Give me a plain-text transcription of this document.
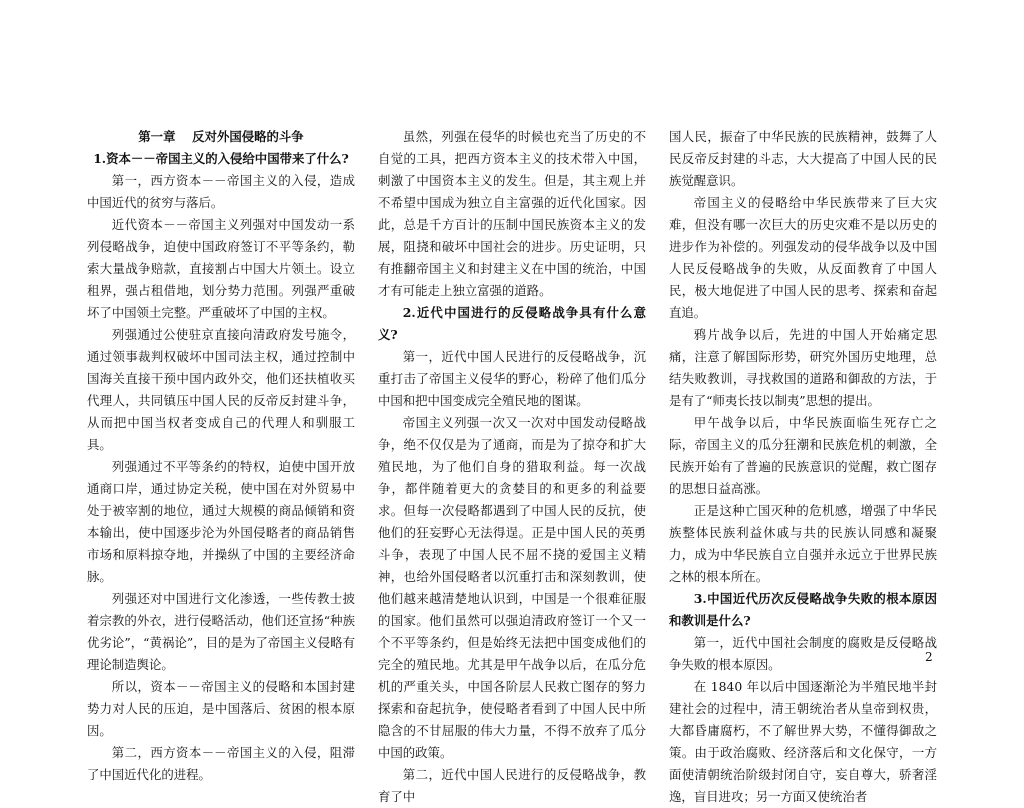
第一章　 反对外国侵略的斗争

1.资本－－帝国主义的入侵给中国带来了什么?

第一，西方资本－－帝国主义的入侵，造成中国近代的贫穷与落后。

近代资本－－帝国主义列强对中国发动一系列侵略战争，迫使中国政府签订不平等条约，勒索大量战争赔款，直接割占中国大片领土。设立租界，强占租借地，划分势力范围。列强严重破坏了中国领土完整。严重破坏了中国的主权。

列强通过公使驻京直接向清政府发号施令，通过领事裁判权破坏中国司法主权，通过控制中国海关直接干预中国内政外交，他们还扶植收买代理人，共同镇压中国人民的反帝反封建斗争，从而把中国当权者变成自己的代理人和驯服工具。

列强通过不平等条约的特权，迫使中国开放通商口岸，通过协定关税，使中国在对外贸易中处于被宰割的地位，通过大规模的商品倾销和资本输出，使中国逐步沦为外国侵略者的商品销售市场和原料掠夺地，并操纵了中国的主要经济命脉。

列强还对中国进行文化渗透，一些传教士披着宗教的外衣，进行侵略活动，他们还宣扬“种族优劣论”，“黄祸论”，目的是为了帝国主义侵略有理论制造舆论。

所以，资本－－帝国主义的侵略和本国封建势力对人民的压迫，是中国落后、贫困的根本原因。

第二，西方资本－－帝国主义的入侵，阻滞了中国近代化的进程。

虽然，列强在侵华的时候也充当了历史的不自觉的工具，把西方资本主义的技术带入中国，刺激了中国资本主义的发生。但是，其主观上并不希望中国成为独立自主富强的近代化国家。因此，总是千方百计的压制中国民族资本主义的发展，阻挠和破坏中国社会的进步。历史证明，只有推翻帝国主义和封建主义在中国的统治，中国才有可能走上独立富强的道路。

2.近代中国进行的反侵略战争具有什么意义?

第一，近代中国人民进行的反侵略战争，沉重打击了帝国主义侵华的野心，粉碎了他们瓜分中国和把中国变成完全殖民地的图谋。

帝国主义列强一次又一次对中国发动侵略战争，绝不仅仅是为了通商，而是为了掠夺和扩大殖民地，为了他们自身的猎取利益。每一次战争，都伴随着更大的贪婪目的和更多的利益要求。但每一次侵略都遇到了中国人民的反抗，使他们的狂妄野心无法得逞。正是中国人民的英勇斗争，表现了中国人民不屈不挠的爱国主义精神，也给外国侵略者以沉重打击和深刻教训，使他们越来越清楚地认识到，中国是一个很难征服的国家。他们虽然可以强迫清政府签订一个又一个不平等条约，但是始终无法把中国变成他们的完全的殖民地。尤其是甲午战争以后，在瓜分危机的严重关头，中国各阶层人民救亡图存的努力探索和奋起抗争，使侵略者看到了中国人民中所隐含的不甘屈服的伟大力量，不得不放弃了瓜分中国的政策。

第二，近代中国人民进行的反侵略战争，教育了中

国人民，振奋了中华民族的民族精神，鼓舞了人民反帝反封建的斗志，大大提高了中国人民的民族觉醒意识。

帝国主义的侵略给中华民族带来了巨大灾难，但没有哪一次巨大的历史灾难不是以历史的进步作为补偿的。列强发动的侵华战争以及中国人民反侵略战争的失败，从反面教育了中国人民，极大地促进了中国人民的思考、探索和奋起直追。

鸦片战争以后，先进的中国人开始痛定思痛，注意了解国际形势，研究外国历史地理，总结失败教训，寻找救国的道路和御敌的方法，于是有了“师夷长技以制夷”思想的提出。

甲午战争以后，中华民族面临生死存亡之际，帝国主义的瓜分狂潮和民族危机的刺激，全民族开始有了普遍的民族意识的觉醒，救亡图存的思想日益高涨。

正是这种亡国灭种的危机感，增强了中华民族整体民族利益休戚与共的民族认同感和凝聚力，成为中华民族自立自强并永远立于世界民族之林的根本所在。

3.中国近代历次反侵略战争失败的根本原因和教训是什么?

第一，近代中国社会制度的腐败是反侵略战争失败的根本原因。

在 1840 年以后中国逐渐沦为半殖民地半封建社会的过程中，清王朝统治者从皇帝到权贵，大都昏庸腐朽，不了解世界大势，不懂得御敌之策。由于政治腐败、经济落后和文化保守，一方面使清朝统治阶级封闭自守，妄自尊大，骄奢淫逸，盲目进攻；另一方面又使统治者

2
